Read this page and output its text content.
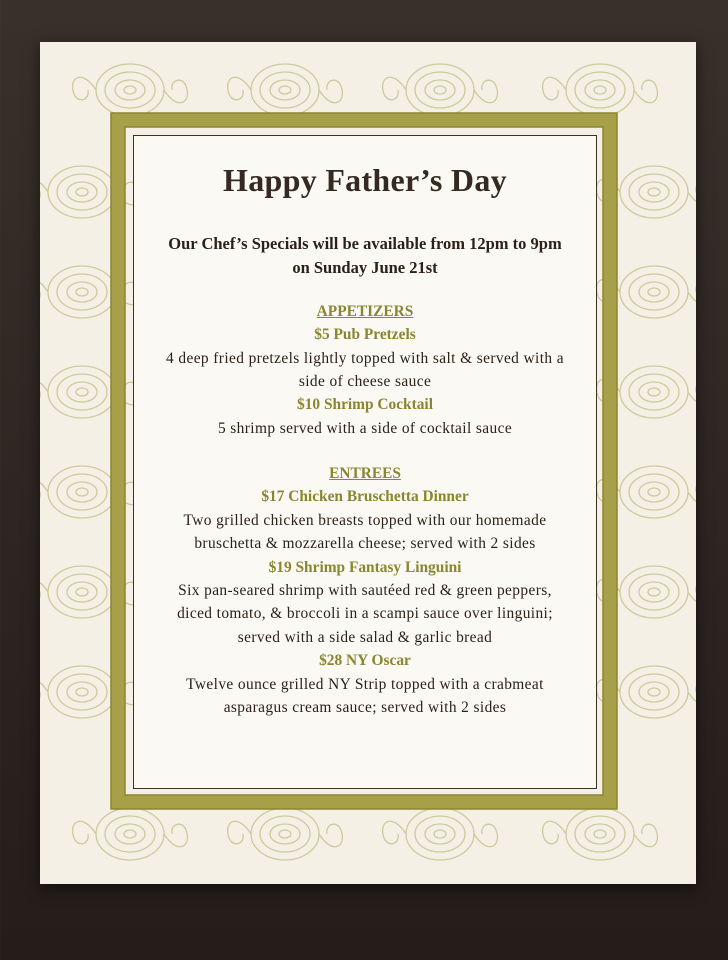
Happy Father’s Day
Our Chef’s Specials will be available from 12pm to 9pm
on Sunday June 21st
APPETIZERS
$5 Pub Pretzels
4 deep fried pretzels lightly topped with salt & served with a
side of cheese sauce
$10 Shrimp Cocktail
5 shrimp served with a side of cocktail sauce
ENTREES
$17 Chicken Bruschetta Dinner
Two grilled chicken breasts topped with our homemade
bruschetta & mozzarella cheese; served with 2 sides
$19 Shrimp Fantasy Linguini
Six pan-seared shrimp with sautéed red & green peppers,
diced tomato, & broccoli in a scampi sauce over linguini;
served with a side salad & garlic bread
$28 NY Oscar
Twelve ounce grilled NY Strip topped with a crabmeat
asparagus cream sauce; served with 2 sides
